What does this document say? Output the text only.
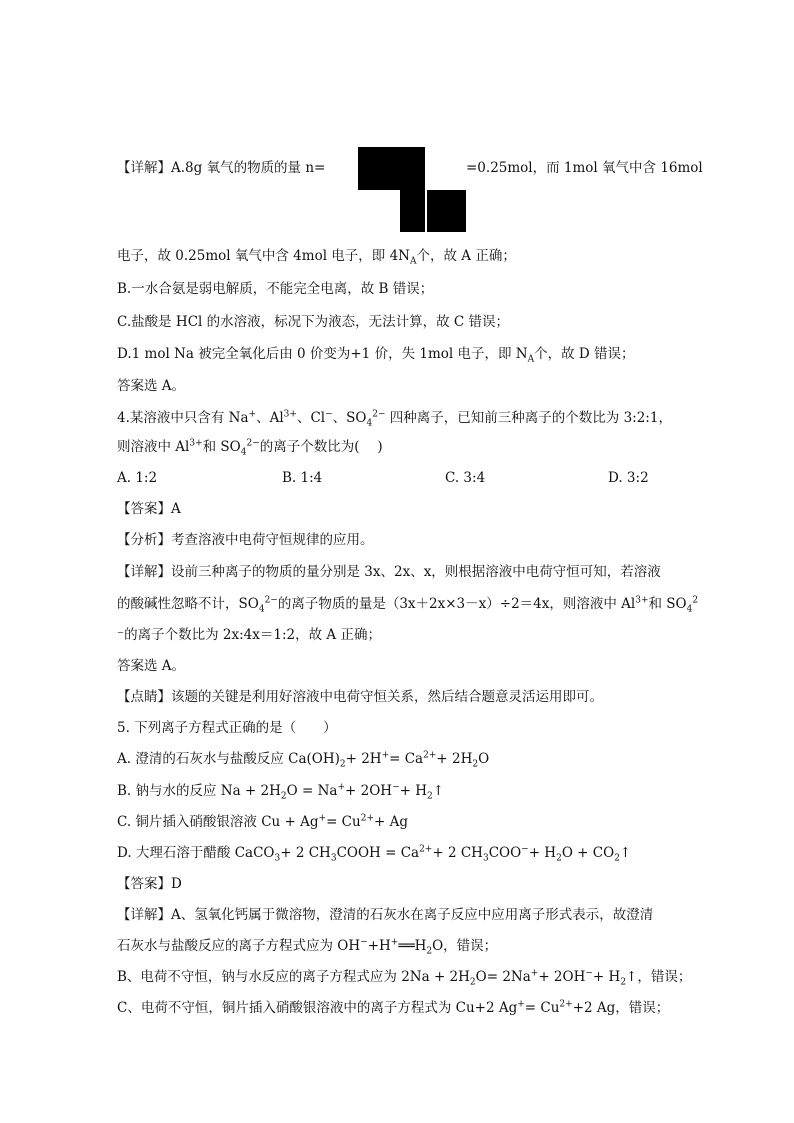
【详解】A.8g 氧气的物质的量 n=	=0.25mol，而 1mol 氧气中含 16mol
电子，故 0.25mol 氧气中含 4mol 电子，即 $4N_A$个，故 A 正确；
B.一水合氨是弱电解质，不能完全电离，故 B 错误；
C.盐酸是 HCl 的水溶液，标况下为液态，无法计算，故 C 错误；
D.1 mol Na 被完全氧化后由 0 价变为+1 价，失 1mol 电子，即 $N_A$个，故 D 错误；
答案选 A。
4.某溶液中只含有 Na+、$Al^{3+}$、Cl−、$SO_4^{2-}$ 四种离子，已知前三种离子的个数比为 3:2:1，
则溶液中 $Al^{3+}$和 $SO_4^{2-}$的离子个数比为(　 )
A. 1:2	B. 1:4	C. 3:4	D. 3:2
【答案】A
【分析】考查溶液中电荷守恒规律的应用。
【详解】设前三种离子的物质的量分别是 3x、2x、x，则根据溶液中电荷守恒可知，若溶液
的酸碱性忽略不计，$SO_4^{2-}$的离子物质的量是（3x＋2x×3－x）÷2＝4x，则溶液中 $Al^{3+}$和 $SO_4^2$
⁻的离子个数比为 2x:4x＝1:2，故 A 正确；
答案选 A。
【点睛】该题的关键是利用好溶液中电荷守恒关系，然后结合题意灵活运用即可。
5. 下列离子方程式正确的是（　　）
A. 澄清的石灰水与盐酸反应 $Ca(OH)_2+ 2H^+= Ca^{2+}+ 2H_2O$
B. 钠与水的反应 $Na + 2H_2O = Na^++ 2OH^-+$ $H_2↑$
C. 铜片插入硝酸银溶液 $Cu + Ag^+= Cu^{2+}+ Ag$
D. 大理石溶于醋酸 CaCO$_3$+ 2 $CH_3COOH = Ca^{2+}+ 2$ $CH_3COO^-+ H_2O$ + $CO_2↑$
【答案】D
【详解】A、氢氧化钙属于微溶物，澄清的石灰水在离子反应中应用离子形式表示，故澄清
石灰水与盐酸反应的离子方程式应为 $OH^-+H^+══H_2O$，错误；
B、电荷不守恒，钠与水反应的离子方程式应为 $2Na + 2H_2O= 2Na^++ 2OH^-+$ $H_2↑$，错误；
C、电荷不守恒，铜片插入硝酸银溶液中的离子方程式为 Cu+2 $Ag^+= Cu^{2+}+2$ Ag，错误；
